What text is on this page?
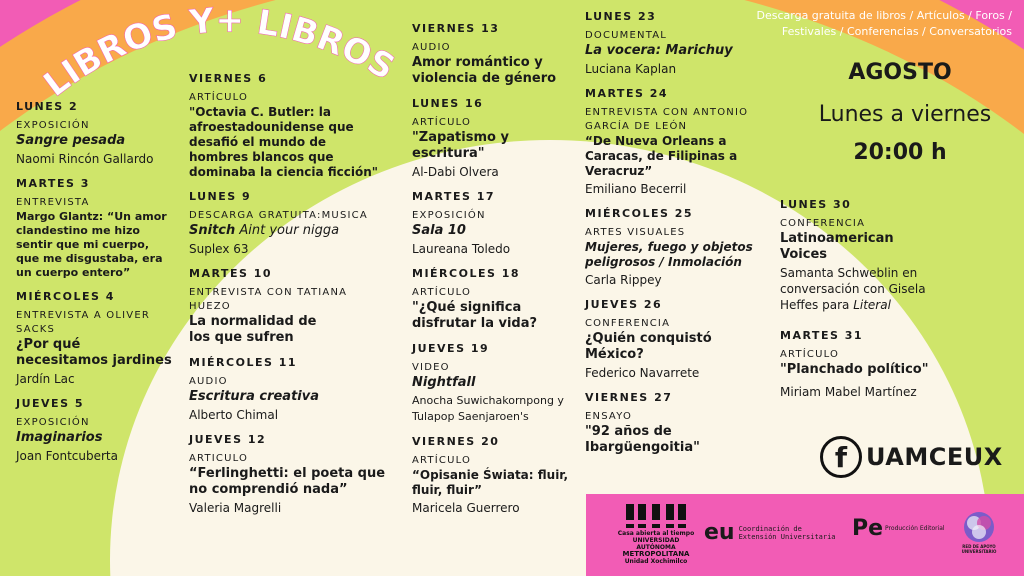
LIBROS Y+ LIBROS
Descarga gratuita de libros / Artículos / Foros / Festivales / Conferencias / Conversatorios
AGOSTO
Lunes a viernes
20:00 h
LUNES 2
EXPOSICIÓN
Sangre pesada
Naomi Rincón Gallardo
MARTES 3
ENTREVISTA
Margo Glantz: “Un amor clandestino me hizo sentir que mi cuerpo, que me disgustaba, era un cuerpo entero”
MIÉRCOLES 4
ENTREVISTA A OLIVER SACKS
¿Por qué necesitamos jardines
Jardín Lac
JUEVES 5
EXPOSICIÓN
Imaginarios
Joan Fontcuberta
VIERNES 6
ARTÍCULO
"Octavia C. Butler: la afroestadounidense que desafió el mundo de hombres blancos que dominaba la ciencia ficción"
LUNES 9
DESCARGA GRATUITA:MUSICA
Snitch Aint your nigga
Suplex 63
MARTES 10
ENTREVISTA CON TATIANA HUEZO
La normalidad de los que sufren
MIÉRCOLES 11
AUDIO
Escritura creativa
Alberto Chimal
JUEVES 12
ARTICULO
“Ferlinghetti: el poeta que no comprendió nada”
Valeria Magrelli
VIERNES 13
AUDIO
Amor romántico y violencia de género
LUNES 16
ARTÍCULO
"Zapatismo y escritura"
Al-Dabi Olvera
MARTES 17
EXPOSICIÓN
Sala 10
Laureana Toledo
MIÉRCOLES 18
ARTÍCULO
"¿Qué significa disfrutar la vida?
JUEVES 19
VIDEO
Nightfall
Anocha Suwichakornpong y Tulapop Saenjaroen's
VIERNES 20
ARTÍCULO
“Opisanie Świata: fluir, fluir, fluir”
Maricela Guerrero
LUNES 23
DOCUMENTAL
La vocera: Marichuy
Luciana Kaplan
MARTES 24
ENTREVISTA CON ANTONIO GARCÍA DE LEÓN
“De Nueva Orleans a Caracas, de Filipinas a Veracruz”
Emiliano Becerril
MIÉRCOLES 25
ARTES VISUALES
Mujeres, fuego y objetos peligrosos / Inmolación
Carla Rippey
JUEVES 26
CONFERENCIA
¿Quién conquistó México?
Federico Navarrete
VIERNES 27
ENSAYO
"92 años de Ibargüengoitia"
LUNES 30
CONFERENCIA
Latinoamerican Voices
Samanta Schweblin en conversación con Gisela Heffes para Literal
MARTES 31
ARTÍCULO
"Planchado político"
Miriam Mabel Martínez
f UAMCEUX
Casa abierta al tiempo
UNIVERSIDAD AUTÓNOMA
METROPOLITANA
Unidad Xochimilco
eu Coordinación de
Extensión Universitaria Pe Producción Editorial
RED DE APOYO
UNIVERSITARIO
